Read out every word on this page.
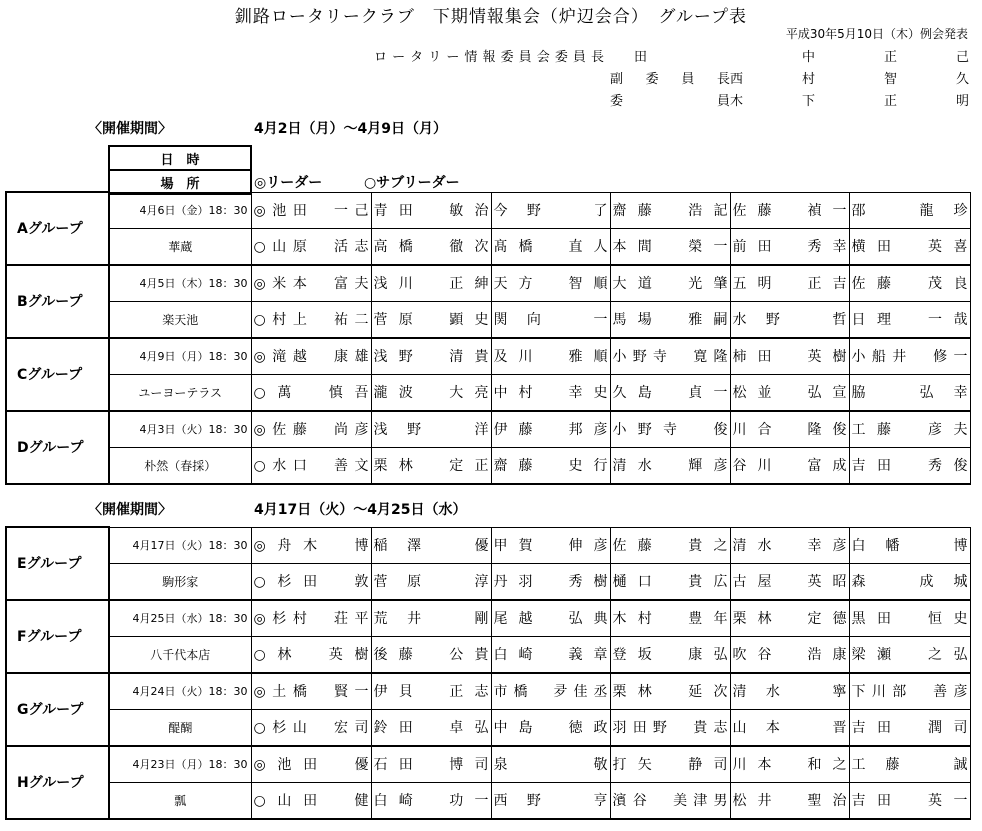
釧路ロータリークラブ　下期情報集会（炉辺会合）　グループ表
平成30年5月10日（木）例会発表
ロータリー情報委員会委員長 田	中	正	己
副委員長 西	村	智	久
委員 木	下	正	明
〈開催期間〉	4月2日（月）～4月9日（月）
日　時
場　所	◎リーダー	○サブリーダー
Aグループ	4月6日（金）18：30	◎池田　一己	青田　敏治	今野　了	齋藤　浩記	佐藤　禎一	邵　龍珍

	華蔵	○山原　活志	高橋　徹次	髙橋　直人	本間　榮一	前田　秀幸	横田　英喜

Bグループ	4月5日（木）18：30	◎米本　富夫	浅川　正紳	天方　智順	大道　光肇	五明　正吉	佐藤　茂良

	楽天池	○村上　祐二	菅原　顕史	関向　一	馬場　雅嗣	水野　哲	日理　一哉

Cグループ	4月9日（月）18：30	◎滝越　康雄	浅野　清貴	及川　雅順	小野寺　寛隆	柿田　英樹	小船井　修一

	ユーヨーテラス	○萬　慎吾	瀧波　大亮	中村　幸史	久島　貞一	松並　弘宣	脇　弘幸

Dグループ	4月3日（火）18：30	◎佐藤　尚彦	浅野　洋	伊藤　邦彦	小野寺　俊	川合　隆俊	工藤　彦夫

	朴然（春採）	○水口　善文	栗林　定正	齋藤　史行	清水　輝彦	谷川　富成	吉田　秀俊
〈開催期間〉	4月17日（火）～4月25日（水）
Eグループ	4月17日（火）18：30	◎舟木　博	稲澤　優	甲賀　伸彦	佐藤　貴之	清水　幸彦	白幡　博

	駒形家	○杉田　敦	菅原　淳	丹羽　秀樹	樋口　貴広	古屋　英昭	森　成城

Fグループ	4月25日（水）18：30	◎杉村　荘平	荒井　剛	尾越　弘典	木村　豊年	栗林　定德	黒田　恒史

	八千代本店	○林　英樹	後藤　公貴	白崎　義章	登坂　康弘	吹谷　浩康	梁瀬　之弘

Gグループ	4月24日（火）18：30	◎土橋　賢一	伊貝　正志	市橋　夛佳丞	栗林　延次	清水　寧	下川部　善彦

	醍醐	○杉山　宏司	鈴田　卓弘	中島　徳政	羽田野　貴志	山本　晋	吉田　潤司

Hグループ	4月23日（月）18：30	◎池田　優	石田　博司	泉　敬	打矢　静司	川本　和之	工藤　誠

	瓢	○山田　健	白崎　功一	西野　亨	濱谷　美津男	松井　聖治	吉田　英一
